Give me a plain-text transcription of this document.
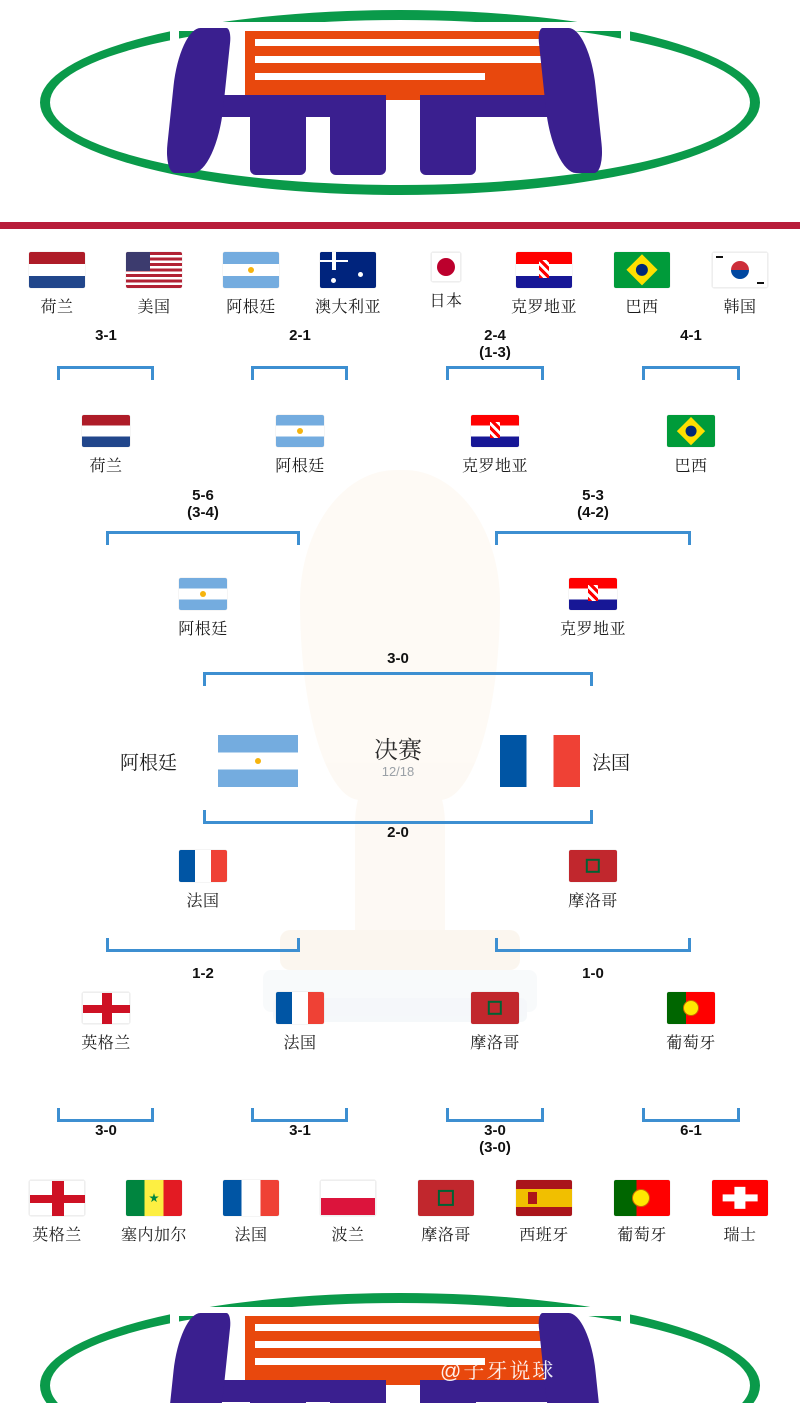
荷兰	美国	阿根廷	澳大利亚	日本	克罗地亚	巴西	韩国
3-1	2-1	2-4
(1-3)
4-1
荷兰	阿根廷	克罗地亚	巴西
5-6
(3-4)
5-3
(4-2)
阿根廷	克罗地亚
3-0
决赛
12/18
阿根廷	法国
2-0
法国	摩洛哥
1-2	1-0
英格兰	法国	摩洛哥	葡萄牙
3-0	3-1	3-0
(3-0)
6-1
英格兰	塞内加尔	法国	波兰	摩洛哥	西班牙	葡萄牙	瑞士
@子牙说球
